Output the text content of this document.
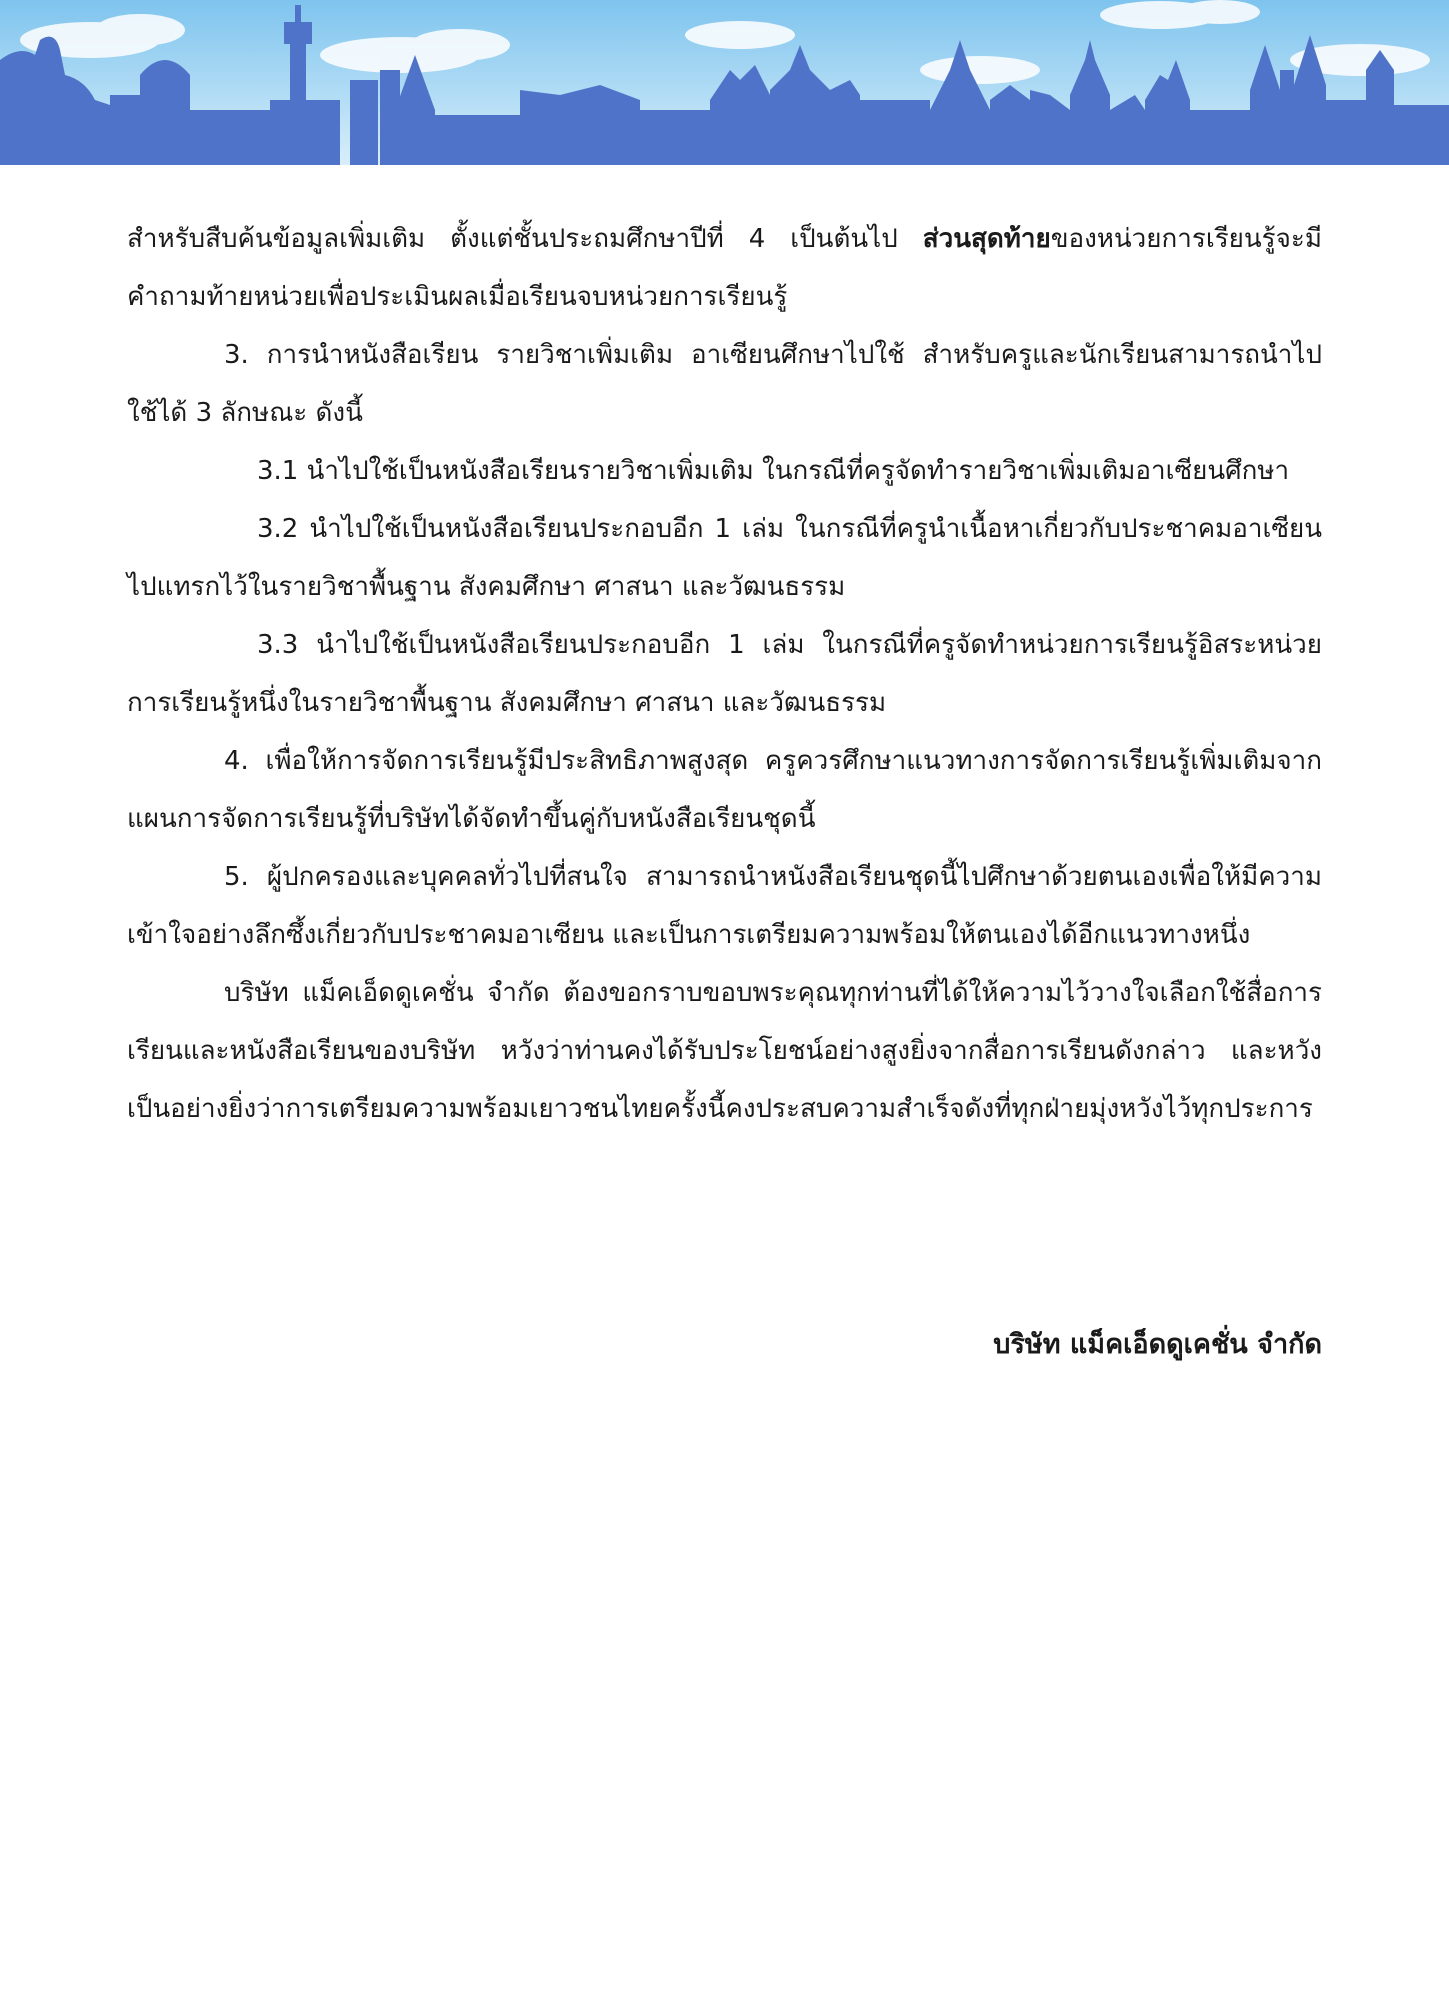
สำหรับสืบค้นข้อมูลเพิ่มเติม ตั้งแต่ชั้นประถมศึกษาปีที่ 4 เป็นต้นไป ส่วนสุดท้ายของหน่วยการเรียนรู้จะมีคำถามท้ายหน่วยเพื่อประเมินผลเมื่อเรียนจบหน่วยการเรียนรู้

3. การนำหนังสือเรียน รายวิชาเพิ่มเติม อาเซียนศึกษาไปใช้ สำหรับครูและนักเรียนสามารถนำไปใช้ได้ 3 ลักษณะ ดังนี้

3.1 นำไปใช้เป็นหนังสือเรียนรายวิชาเพิ่มเติม ในกรณีที่ครูจัดทำรายวิชาเพิ่มเติมอาเซียนศึกษา

3.2 นำไปใช้เป็นหนังสือเรียนประกอบอีก 1 เล่ม ในกรณีที่ครูนำเนื้อหาเกี่ยวกับประชาคมอาเซียนไปแทรกไว้ในรายวิชาพื้นฐาน สังคมศึกษา ศาสนา และวัฒนธรรม

3.3 นำไปใช้เป็นหนังสือเรียนประกอบอีก 1 เล่ม ในกรณีที่ครูจัดทำหน่วยการเรียนรู้อิสระหน่วยการเรียนรู้หนึ่งในรายวิชาพื้นฐาน สังคมศึกษา ศาสนา และวัฒนธรรม

4. เพื่อให้การจัดการเรียนรู้มีประสิทธิภาพสูงสุด ครูควรศึกษาแนวทางการจัดการเรียนรู้เพิ่มเติมจากแผนการจัดการเรียนรู้ที่บริษัทได้จัดทำขึ้นคู่กับหนังสือเรียนชุดนี้

5. ผู้ปกครองและบุคคลทั่วไปที่สนใจ สามารถนำหนังสือเรียนชุดนี้ไปศึกษาด้วยตนเองเพื่อให้มีความเข้าใจอย่างลึกซึ้งเกี่ยวกับประชาคมอาเซียน และเป็นการเตรียมความพร้อมให้ตนเองได้อีกแนวทางหนึ่ง

บริษัท แม็คเอ็ดดูเคชั่น จำกัด ต้องขอกราบขอบพระคุณทุกท่านที่ได้ให้ความไว้วางใจเลือกใช้สื่อการเรียนและหนังสือเรียนของบริษัท หวังว่าท่านคงได้รับประโยชน์อย่างสูงยิ่งจากสื่อการเรียนดังกล่าว และหวังเป็นอย่างยิ่งว่าการเตรียมความพร้อมเยาวชนไทยครั้งนี้คงประสบความสำเร็จดังที่ทุกฝ่ายมุ่งหวังไว้ทุกประการ

บริษัท แม็คเอ็ดดูเคชั่น จำกัด
